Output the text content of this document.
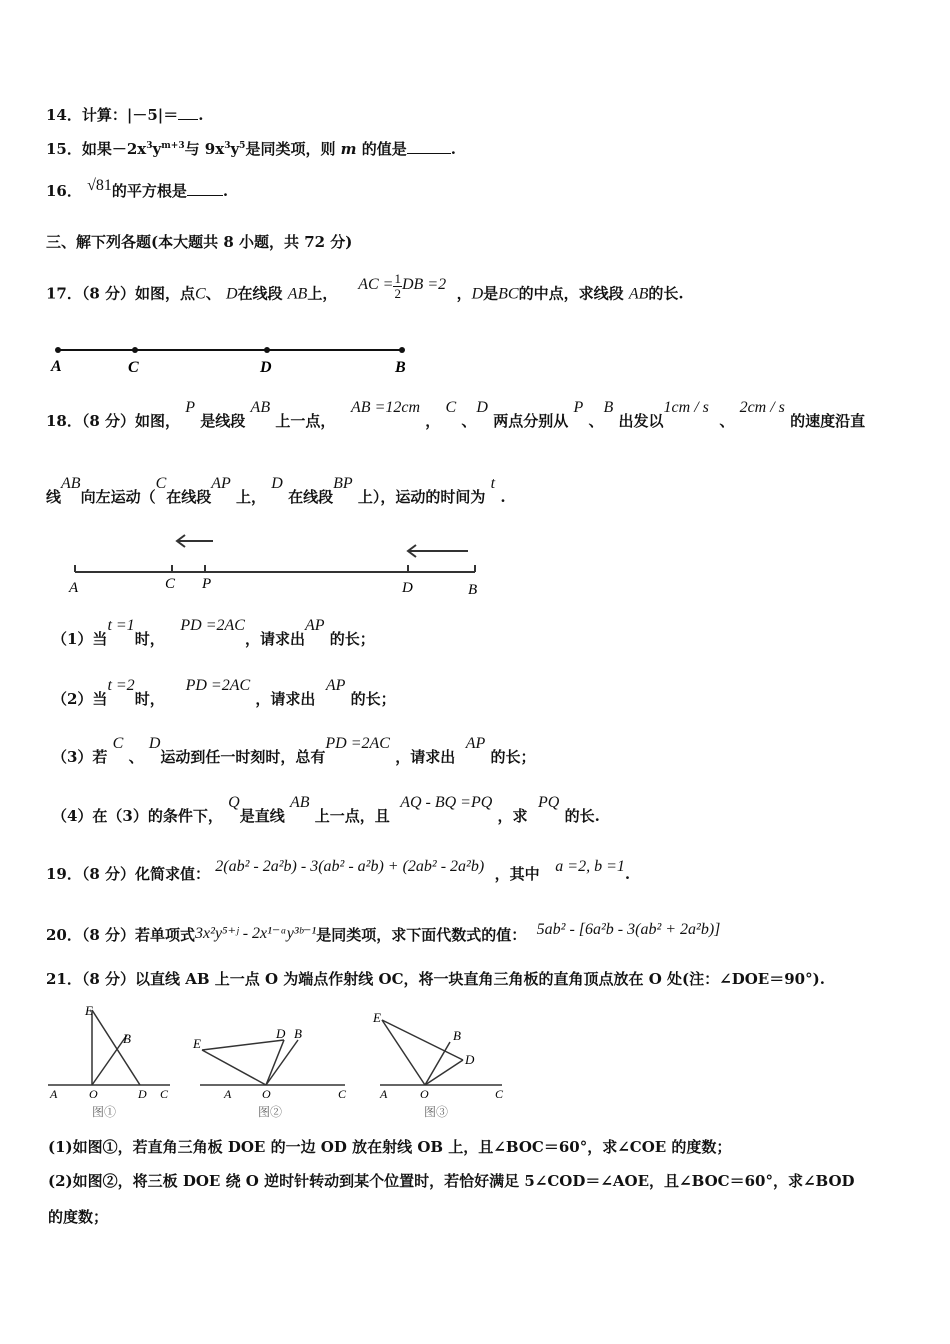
14．计算：|－5|＝ .
15．如果$-2x^3y^{m+3}$与 $9x^3y^5$是同类项，则 m 的值是	.
16． √81的平方根是 .
三、解下列各题(本大题共 8 小题，共 72 分)
17．（8 分）如图，点C、 D在线段 AB上，    AC = $\frac{1}{2}$ DB =2  ，D是BC的中点，求线段 AB的长.
A	C	D	B
18．（8 分）如图， P 是线段 AB 上一点，   AB =12cm ， C 、D 两点分别从 P 、B 出发以1cm / s  、 2cm / s 的速度沿直
线AB向左运动（C在线段AP 上， D 在线段BP 上），运动的时间为 t .
A	C P	D	B
（1）当t =1时，   PD =2AC，请求出AP 的长；
（2）当t =2时，    PD =2AC ，请求出  AP 的长；
（3）若 C 、 D运动到任一时刻时，总有PD =2AC ，请求出  AP 的长；
（4）在（3）的条件下， Q是直线 AB 上一点，且  AQ - BQ =PQ ，求  PQ 的长.
19．（8 分）化简求值： 2(ab² - 2a²b) - 3(ab² - a²b) + (2ab² - 2a²b) ，其中 a =2, b =1.
20．（8 分）若单项式3x²y⁵⁺ʲ - 2x¹⁻ᵃy³ᵇ⁻¹是同类项，求下面代数式的值： 5ab² - [6a²b - 3(ab² + 2a²b)]
21．（8 分）以直线 AB 上一点 O 为端点作射线 OC，将一块直角三角板的直角顶点放在 O 处(注：∠DOE＝90°).
E
B
A	O	D C
图①
E
D B
A	O	C
图②
E
B
D
A	O	C
图③
(1)如图①，若直角三角板 DOE 的一边 OD 放在射线 OB 上，且∠BOC＝60°，求∠COE 的度数；
(2)如图②，将三板 DOE 绕 O 逆时针转动到某个位置时，若恰好满足 5∠COD＝∠AOE，且∠BOC＝60°，求∠BOD
的度数；
